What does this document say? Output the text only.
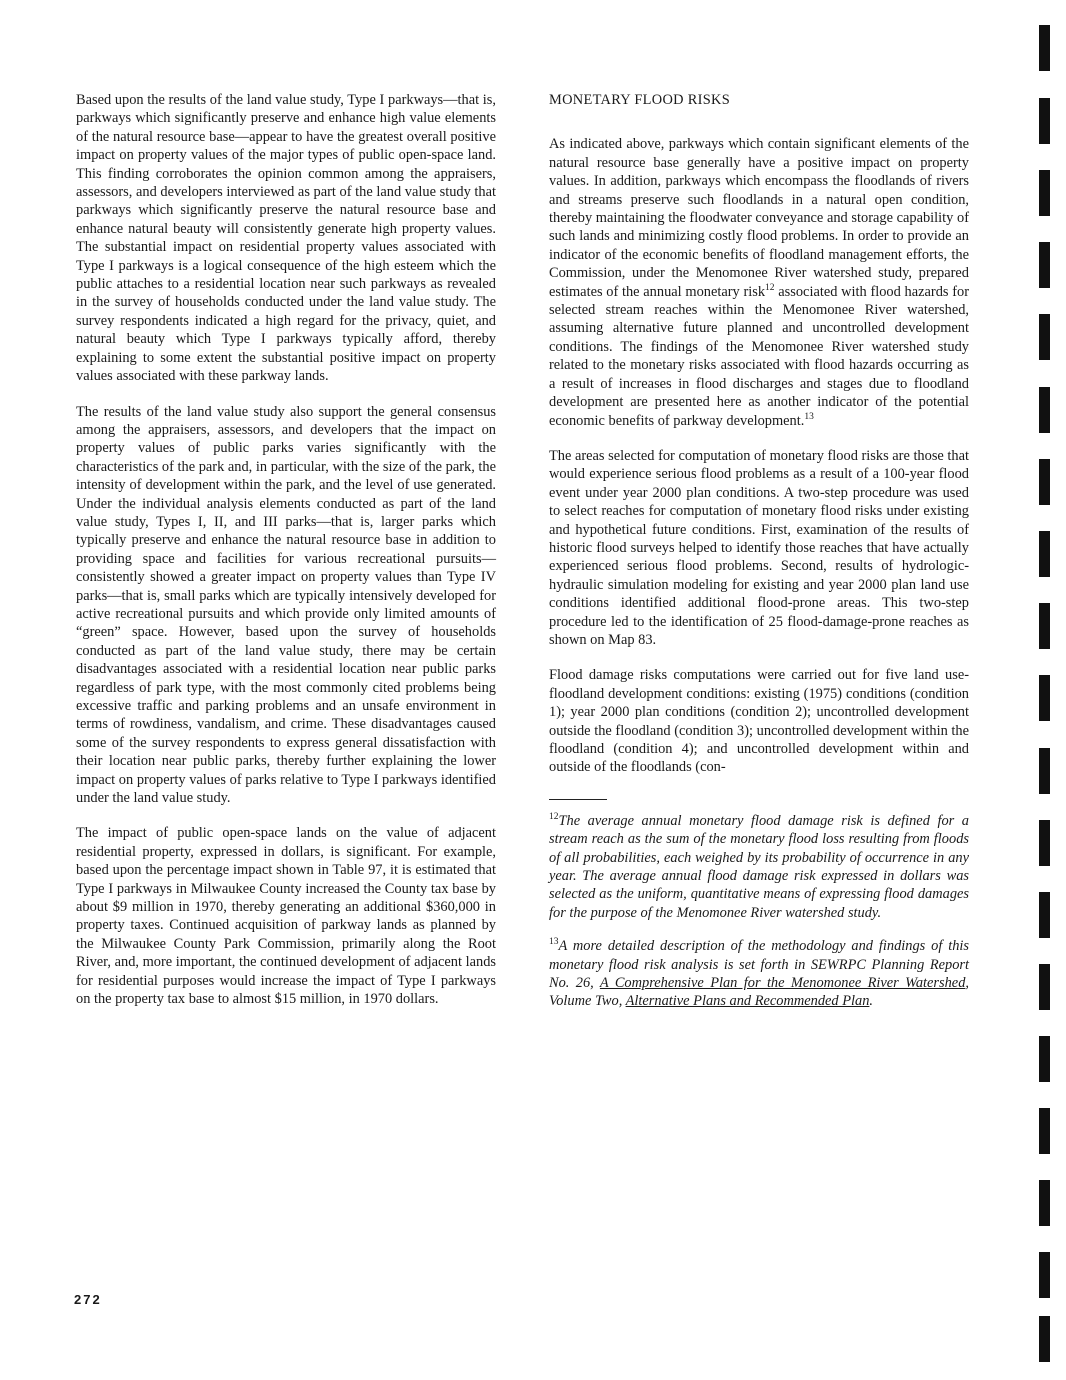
Based upon the results of the land value study, Type I parkways—that is, parkways which significantly preserve and enhance high value elements of the natural resource base—appear to have the greatest overall positive impact on property values of the major types of public open-space land. This finding corroborates the opinion common among the appraisers, assessors, and developers interviewed as part of the land value study that parkways which significantly preserve the natural resource base and enhance natural beauty will consistently generate high property values. The substantial impact on residential property values associated with Type I parkways is a logical consequence of the high esteem which the public attaches to a residential location near such parkways as revealed in the survey of households conducted under the land value study. The survey respondents indicated a high regard for the privacy, quiet, and natural beauty which Type I parkways typically afford, thereby explaining to some extent the substantial positive impact on property values associated with these parkway lands.

The results of the land value study also support the general consensus among the appraisers, assessors, and developers that the impact on property values of public parks varies significantly with the characteristics of the park and, in particular, with the size of the park, the intensity of development within the park, and the level of use generated. Under the individual analysis elements conducted as part of the land value study, Types I, II, and III parks—that is, larger parks which typically preserve and enhance the natural resource base in addition to providing space and facilities for various recreational pursuits—consistently showed a greater impact on property values than Type IV parks—that is, small parks which are typically intensively developed for active recreational pursuits and which provide only limited amounts of “green” space. However, based upon the survey of households conducted as part of the land value study, there may be certain disadvantages associated with a residential location near public parks regardless of park type, with the most commonly cited problems being excessive traffic and parking problems and an unsafe environment in terms of rowdiness, vandalism, and crime. These disadvantages caused some of the survey respondents to express general dissatisfaction with their location near public parks, thereby further explaining the lower impact on property values of parks relative to Type I parkways identified under the land value study.

The impact of public open-space lands on the value of adjacent residential property, expressed in dollars, is significant. For example, based upon the percentage impact shown in Table 97, it is estimated that Type I parkways in Milwaukee County increased the County tax base by about $9 million in 1970, thereby generating an additional $360,000 in property taxes. Continued acquisition of parkway lands as planned by the Milwaukee County Park Commission, primarily along the Root River, and, more important, the continued development of adjacent lands for residential purposes would increase the impact of Type I parkways on the property tax base to almost $15 million, in 1970 dollars.

MONETARY FLOOD RISKS

As indicated above, parkways which contain significant elements of the natural resource base generally have a positive impact on property values. In addition, parkways which encompass the floodlands of rivers and streams preserve such floodlands in a natural open condition, thereby maintaining the floodwater conveyance and storage capability of such lands and minimizing costly flood problems. In order to provide an indicator of the economic benefits of floodland management efforts, the Commission, under the Menomonee River watershed study, prepared estimates of the annual monetary risk$^{12}$ associated with flood hazards for selected stream reaches within the Menomonee River watershed, assuming alternative future planned and uncontrolled development conditions. The findings of the Menomonee River watershed study related to the monetary risks associated with flood hazards occurring as a result of increases in flood discharges and stages due to floodland development are presented here as another indicator of the potential economic benefits of parkway development.$^{13}$

The areas selected for computation of monetary flood risks are those that would experience serious flood problems as a result of a 100-year flood event under year 2000 plan conditions. A two-step procedure was used to select reaches for computation of monetary flood risks under existing and hypothetical future conditions. First, examination of the results of historic flood surveys helped to identify those reaches that have actually experienced serious flood problems. Second, results of hydrologic-hydraulic simulation modeling for existing and year 2000 plan land use conditions identified additional flood-prone areas. This two-step procedure led to the identification of 25 flood-damage-prone reaches as shown on Map 83.

Flood damage risks computations were carried out for five land use-floodland development conditions: existing (1975) conditions (condition 1); year 2000 plan conditions (condition 2); uncontrolled development outside the floodland (condition 3); uncontrolled development within the floodland (condition 4); and uncontrolled development within and outside of the floodlands (con-

$^{12}$The average annual monetary flood damage risk is defined for a stream reach as the sum of the monetary flood loss resulting from floods of all probabilities, each weighed by its probability of occurrence in any year. The average annual flood damage risk expressed in dollars was selected as the uniform, quantitative means of expressing flood damages for the purpose of the Menomonee River watershed study.

$^{13}$A more detailed description of the methodology and findings of this monetary flood risk analysis is set forth in SEWRPC Planning Report No. 26, A Comprehensive Plan for the Menomonee River Watershed, Volume Two, Alternative Plans and Recommended Plan.

272
